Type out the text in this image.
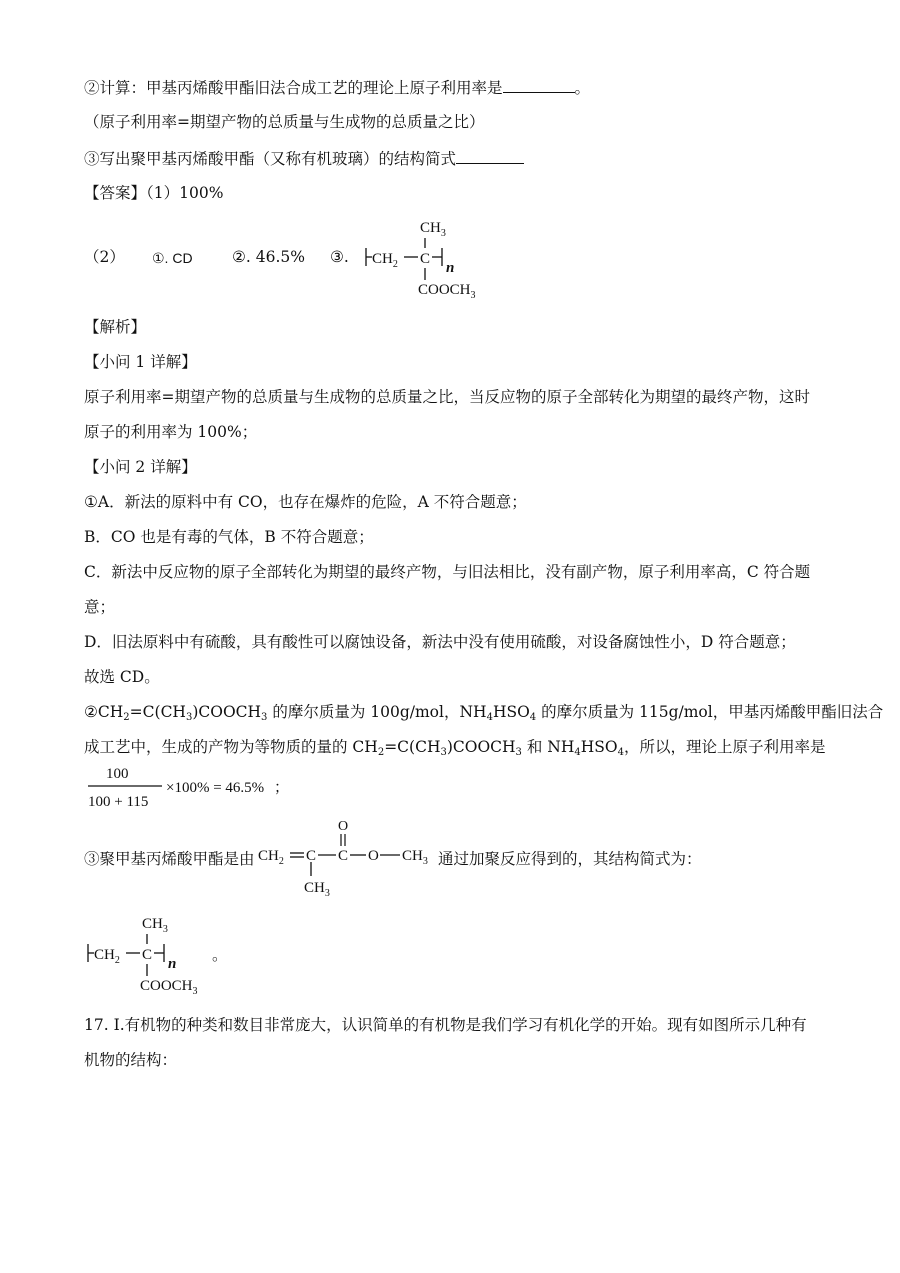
②计算：甲基丙烯酸甲酯旧法合成工艺的理论上原子利用率是	。
（原子利用率=期望产物的总质量与生成物的总质量之比）
③写出聚甲基丙烯酸甲酯（又称有机玻璃）的结构简式
【答案】（1）100%
（2） ①. CD	②. 46.5% ③. $CH_2$ C
n
$CH_3$
$COOCH_3$
【解析】
【小问 1 详解】
原子利用率=期望产物的总质量与生成物的总质量之比，当反应物的原子全部转化为期望的最终产物，这时
原子的利用率为 100%；
【小问 2 详解】
①A．新法的原料中有 CO，也存在爆炸的危险，A 不符合题意；
B．CO 也是有毒的气体，B 不符合题意；
C．新法中反应物的原子全部转化为期望的最终产物，与旧法相比，没有副产物，原子利用率高，C 符合题
意；
D．旧法原料中有硫酸，具有酸性可以腐蚀设备，新法中没有使用硫酸，对设备腐蚀性小，D 符合题意；
故选 CD。
$②CH_2=C(CH_3)COOCH_3$ 的摩尔质量为 100g/mol，$NH_4HSO_4$ 的摩尔质量为 115g/mol，甲基丙烯酸甲酯旧法合
成工艺中，生成的产物为等物质的量的 $CH_2=C(CH_3)COOCH_3$ 和 $NH_4HSO_4$，所以，理论上原子利用率是
100
100 + 115
×100% = 46.5% ；
③聚甲基丙烯酸甲酯是由 $CH_2$ C C O $CH_3$
O
$CH_3$
通过加聚反应得到的，其结构简式为：
$CH_2$ C
n
$CH_3$
$COOCH_3$
。
17. Ⅰ.有机物的种类和数目非常庞大，认识简单的有机物是我们学习有机化学的开始。现有如图所示几种有
机物的结构：
